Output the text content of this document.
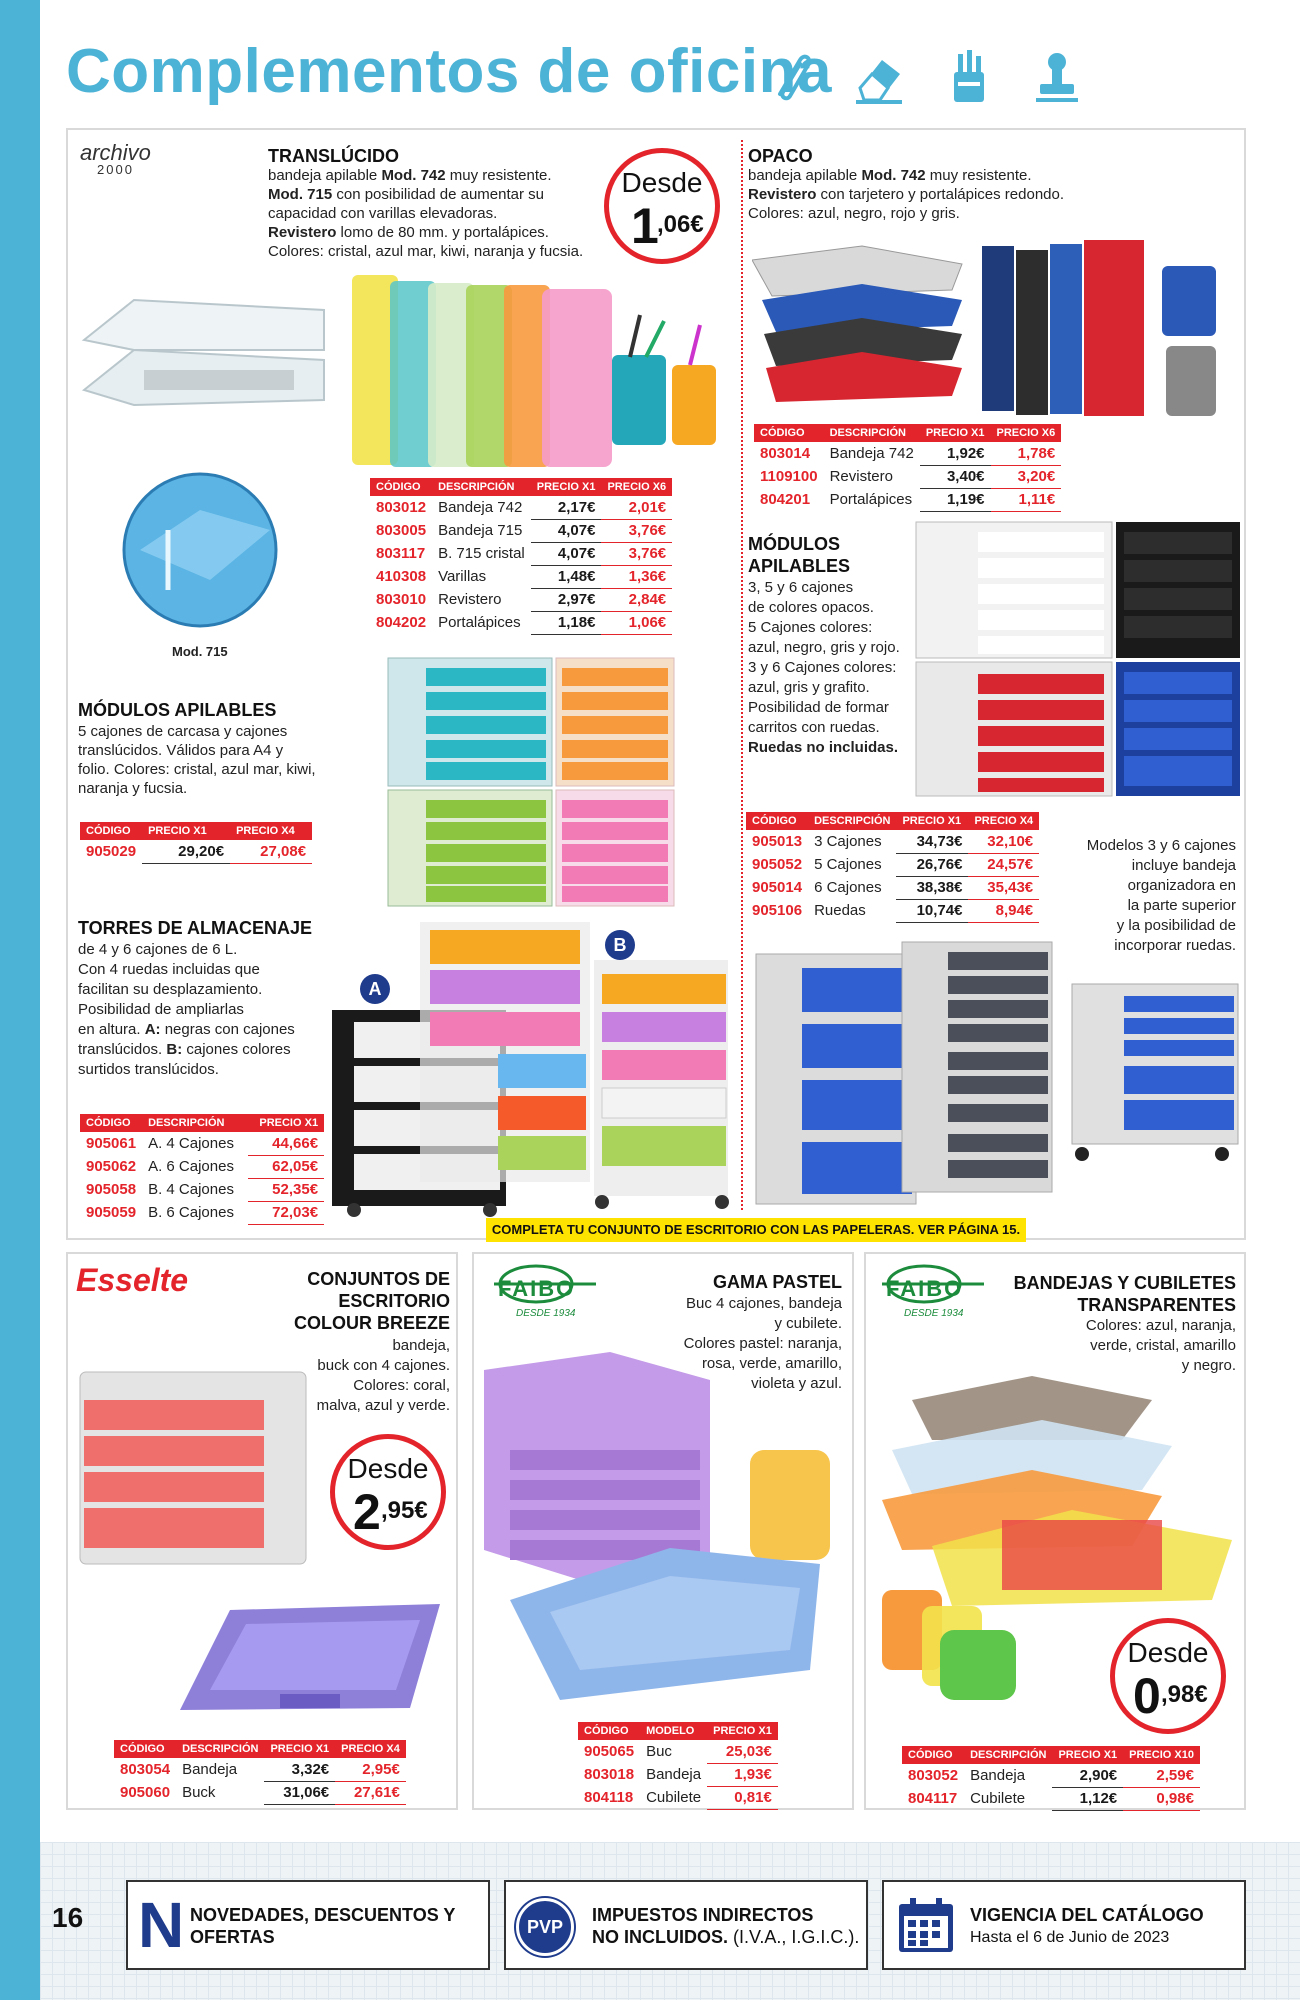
Complementos de oficina
archivo
2000
TRANSLÚCIDO
bandeja apilable Mod. 742 muy resistente.
Mod. 715 con posibilidad de aumentar su
capacidad con varillas elevadoras.
Revistero lomo de 80 mm. y portalápices.
Colores: cristal, azul mar, kiwi, naranja y fucsia.
Desde
1
,06€
Mod. 715
CÓDIGO	DESCRIPCIÓN	PRECIO X1	PRECIO X6
803012	Bandeja 742	2,17€	2,01€
803005	Bandeja 715	4,07€	3,76€
803117	B. 715 cristal	4,07€	3,76€
410308	Varillas	1,48€	1,36€
803010	Revistero	2,97€	2,84€
804202	Portalápices	1,18€	1,06€
OPACO
bandeja apilable Mod. 742 muy resistente.
Revistero con tarjetero y portalápices redondo.
Colores: azul, negro, rojo y gris.
CÓDIGO	DESCRIPCIÓN	PRECIO X1	PRECIO X6
803014	Bandeja 742	1,92€	1,78€
1109100	Revistero	3,40€	3,20€
804201	Portalápices	1,19€	1,11€
MÓDULOS
APILABLES
3, 5 y 6 cajones
de colores opacos.
5 Cajones colores:
azul, negro, gris y rojo.
3 y 6 Cajones colores:
azul, gris y grafito.
Posibilidad de formar
carritos con ruedas.
Ruedas no incluidas.
CÓDIGO	DESCRIPCIÓN	PRECIO X1	PRECIO X4
905013	3 Cajones	34,73€	32,10€
905052	5 Cajones	26,76€	24,57€
905014	6 Cajones	38,38€	35,43€
905106	Ruedas	10,74€	8,94€
Modelos 3 y 6 cajones
incluye bandeja
organizadora en
la parte superior
y la posibilidad de
incorporar ruedas.
MÓDULOS APILABLES
5 cajones de carcasa y cajones
translúcidos. Válidos para A4 y
folio. Colores: cristal, azul mar, kiwi,
naranja y fucsia.
CÓDIGO	PRECIO X1	PRECIO X4
905029	29,20€	27,08€
TORRES DE ALMACENAJE
de 4 y 6 cajones de 6 L.
Con 4 ruedas incluidas que
facilitan su desplazamiento.
Posibilidad de ampliarlas
en altura. A: negras con cajones
translúcidos. B: cajones colores
surtidos translúcidos.
A
B
CÓDIGO	DESCRIPCIÓN	PRECIO X1
905061	A. 4 Cajones	44,66€
905062	A. 6 Cajones	62,05€
905058	B. 4 Cajones	52,35€
905059	B. 6 Cajones	72,03€
COMPLETA TU CONJUNTO DE ESCRITORIO CON LAS PAPELERAS. VER PÁGINA 15.
Esselte	CONJUNTOS DE
ESCRITORIO
COLOUR BREEZE
bandeja,
buck con 4 cajones.
Colores: coral,
malva, azul y verde.
Desde
2 ,95€
CÓDIGO	DESCRIPCIÓN	PRECIO X1	PRECIO X4
803054	Bandeja	3,32€	2,95€
905060	Buck	31,06€	27,61€
FAIBO
DESDE 1934
GAMA PASTEL
Buc 4 cajones, bandeja
y cubilete.
Colores pastel: naranja,
rosa, verde, amarillo,
violeta y azul.
CÓDIGO	MODELO	PRECIO X1
905065	Buc	25,03€
803018	Bandeja	1,93€
804118	Cubilete	0,81€
FAIBO
DESDE 1934
BANDEJAS Y CUBILETES
TRANSPARENTES
Colores: azul, naranja,
verde, cristal, amarillo
y negro.
Desde
0 ,98€
CÓDIGO	DESCRIPCIÓN	PRECIO X1	PRECIO X10
803052	Bandeja	2,90€	2,59€
804117	Cubilete	1,12€	0,98€
16 N NOVEDADES, DESCUENTOS Y
OFERTAS	PVP
IMPUESTOS INDIRECTOS
NO INCLUIDOS. (I.V.A., I.G.I.C.).
VIGENCIA DEL CATÁLOGO
Hasta el 6 de Junio de 2023
